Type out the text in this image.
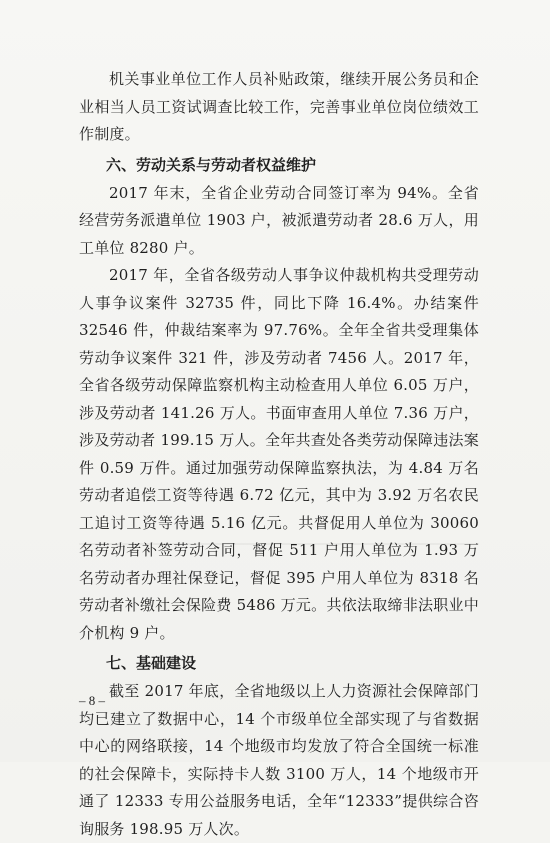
机关事业单位工作人员补贴政策，继续开展公务员和企业相当人员工资试调查比较工作，完善事业单位岗位绩效工作制度。

六、劳动关系与劳动者权益维护

2017 年末，全省企业劳动合同签订率为 94%。全省经营劳务派遣单位 1903 户，被派遣劳动者 28.6 万人，用工单位 8280 户。

2017 年，全省各级劳动人事争议仲裁机构共受理劳动人事争议案件 32735 件，同比下降 16.4%。办结案件 32546 件，仲裁结案率为 97.76%。全年全省共受理集体劳动争议案件 321 件，涉及劳动者 7456 人。2017 年，全省各级劳动保障监察机构主动检查用人单位 6.05 万户，涉及劳动者 141.26 万人。书面审查用人单位 7.36 万户，涉及劳动者 199.15 万人。全年共查处各类劳动保障违法案件 0.59 万件。通过加强劳动保障监察执法，为 4.84 万名劳动者追偿工资等待遇 6.72 亿元，其中为 3.92 万名农民工追讨工资等待遇 5.16 亿元。共督促用人单位为 30060 名劳动者补签劳动合同，督促 511 户用人单位为 1.93 万名劳动者办理社保登记，督促 395 户用人单位为 8318 名劳动者补缴社会保险费 5486 万元。共依法取缔非法职业中介机构 9 户。

七、基础建设

截至 2017 年底，全省地级以上人力资源社会保障部门均已建立了数据中心，14 个市级单位全部实现了与省数据中心的网络联接，14 个地级市均发放了符合全国统一标准的社会保障卡，实际持卡人数 3100 万人，14 个地级市开通了 12333 专用公益服务电话，全年“12333”提供综合咨询服务 198.95 万人次。

– 8 –
